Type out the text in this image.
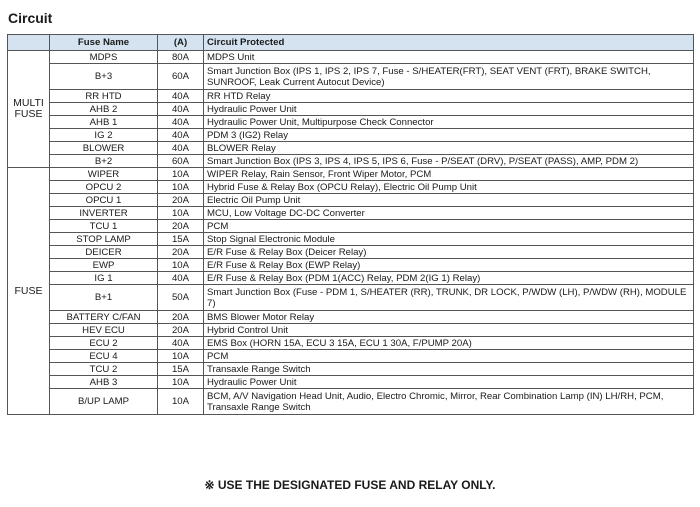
Circuit
	Fuse Name	(A)	Circuit Protected
MULTI FUSE	MDPS	80A	MDPS Unit
	B+3	60A	Smart Junction Box (IPS 1, IPS 2, IPS 7, Fuse - S/HEATER(FRT), SEAT VENT (FRT), BRAKE SWITCH, SUNROOF, Leak Current Autocut Device)
	RR HTD	40A	RR HTD Relay
	AHB 2	40A	Hydraulic Power Unit
	AHB 1	40A	Hydraulic Power Unit, Multipurpose Check Connector
	IG 2	40A	PDM 3 (IG2) Relay
	BLOWER	40A	BLOWER Relay
	B+2	60A	Smart Junction Box (IPS 3, IPS 4, IPS 5, IPS 6, Fuse - P/SEAT (DRV), P/SEAT (PASS), AMP, PDM 2)
FUSE	WIPER	10A	WIPER Relay, Rain Sensor, Front Wiper Motor, PCM
	OPCU 2	10A	Hybrid Fuse & Relay Box (OPCU Relay), Electric Oil Pump Unit
	OPCU 1	20A	Electric Oil Pump Unit
	INVERTER	10A	MCU, Low Voltage DC-DC Converter
	TCU 1	20A	PCM
	STOP LAMP	15A	Stop Signal Electronic Module
	DEICER	20A	E/R Fuse & Relay Box (Deicer Relay)
	EWP	10A	E/R Fuse & Relay Box (EWP Relay)
	IG 1	40A	E/R Fuse & Relay Box (PDM 1(ACC) Relay, PDM 2(IG 1) Relay)
	B+1	50A	Smart Junction Box (Fuse - PDM 1, S/HEATER (RR), TRUNK, DR LOCK, P/WDW (LH), P/WDW (RH), MODULE 7)
	BATTERY C/FAN	20A	BMS Blower Motor Relay
	HEV ECU	20A	Hybrid Control Unit
	ECU 2	40A	EMS Box (HORN 15A, ECU 3 15A, ECU 1 30A, F/PUMP 20A)
	ECU 4	10A	PCM
	TCU 2	15A	Transaxle Range Switch
	AHB 3	10A	Hydraulic Power Unit
	B/UP LAMP	10A	BCM, A/V Navigation Head Unit, Audio, Electro Chromic, Mirror, Rear Combination Lamp (IN) LH/RH, PCM, Transaxle Range Switch
※ USE THE DESIGNATED FUSE AND RELAY ONLY.
